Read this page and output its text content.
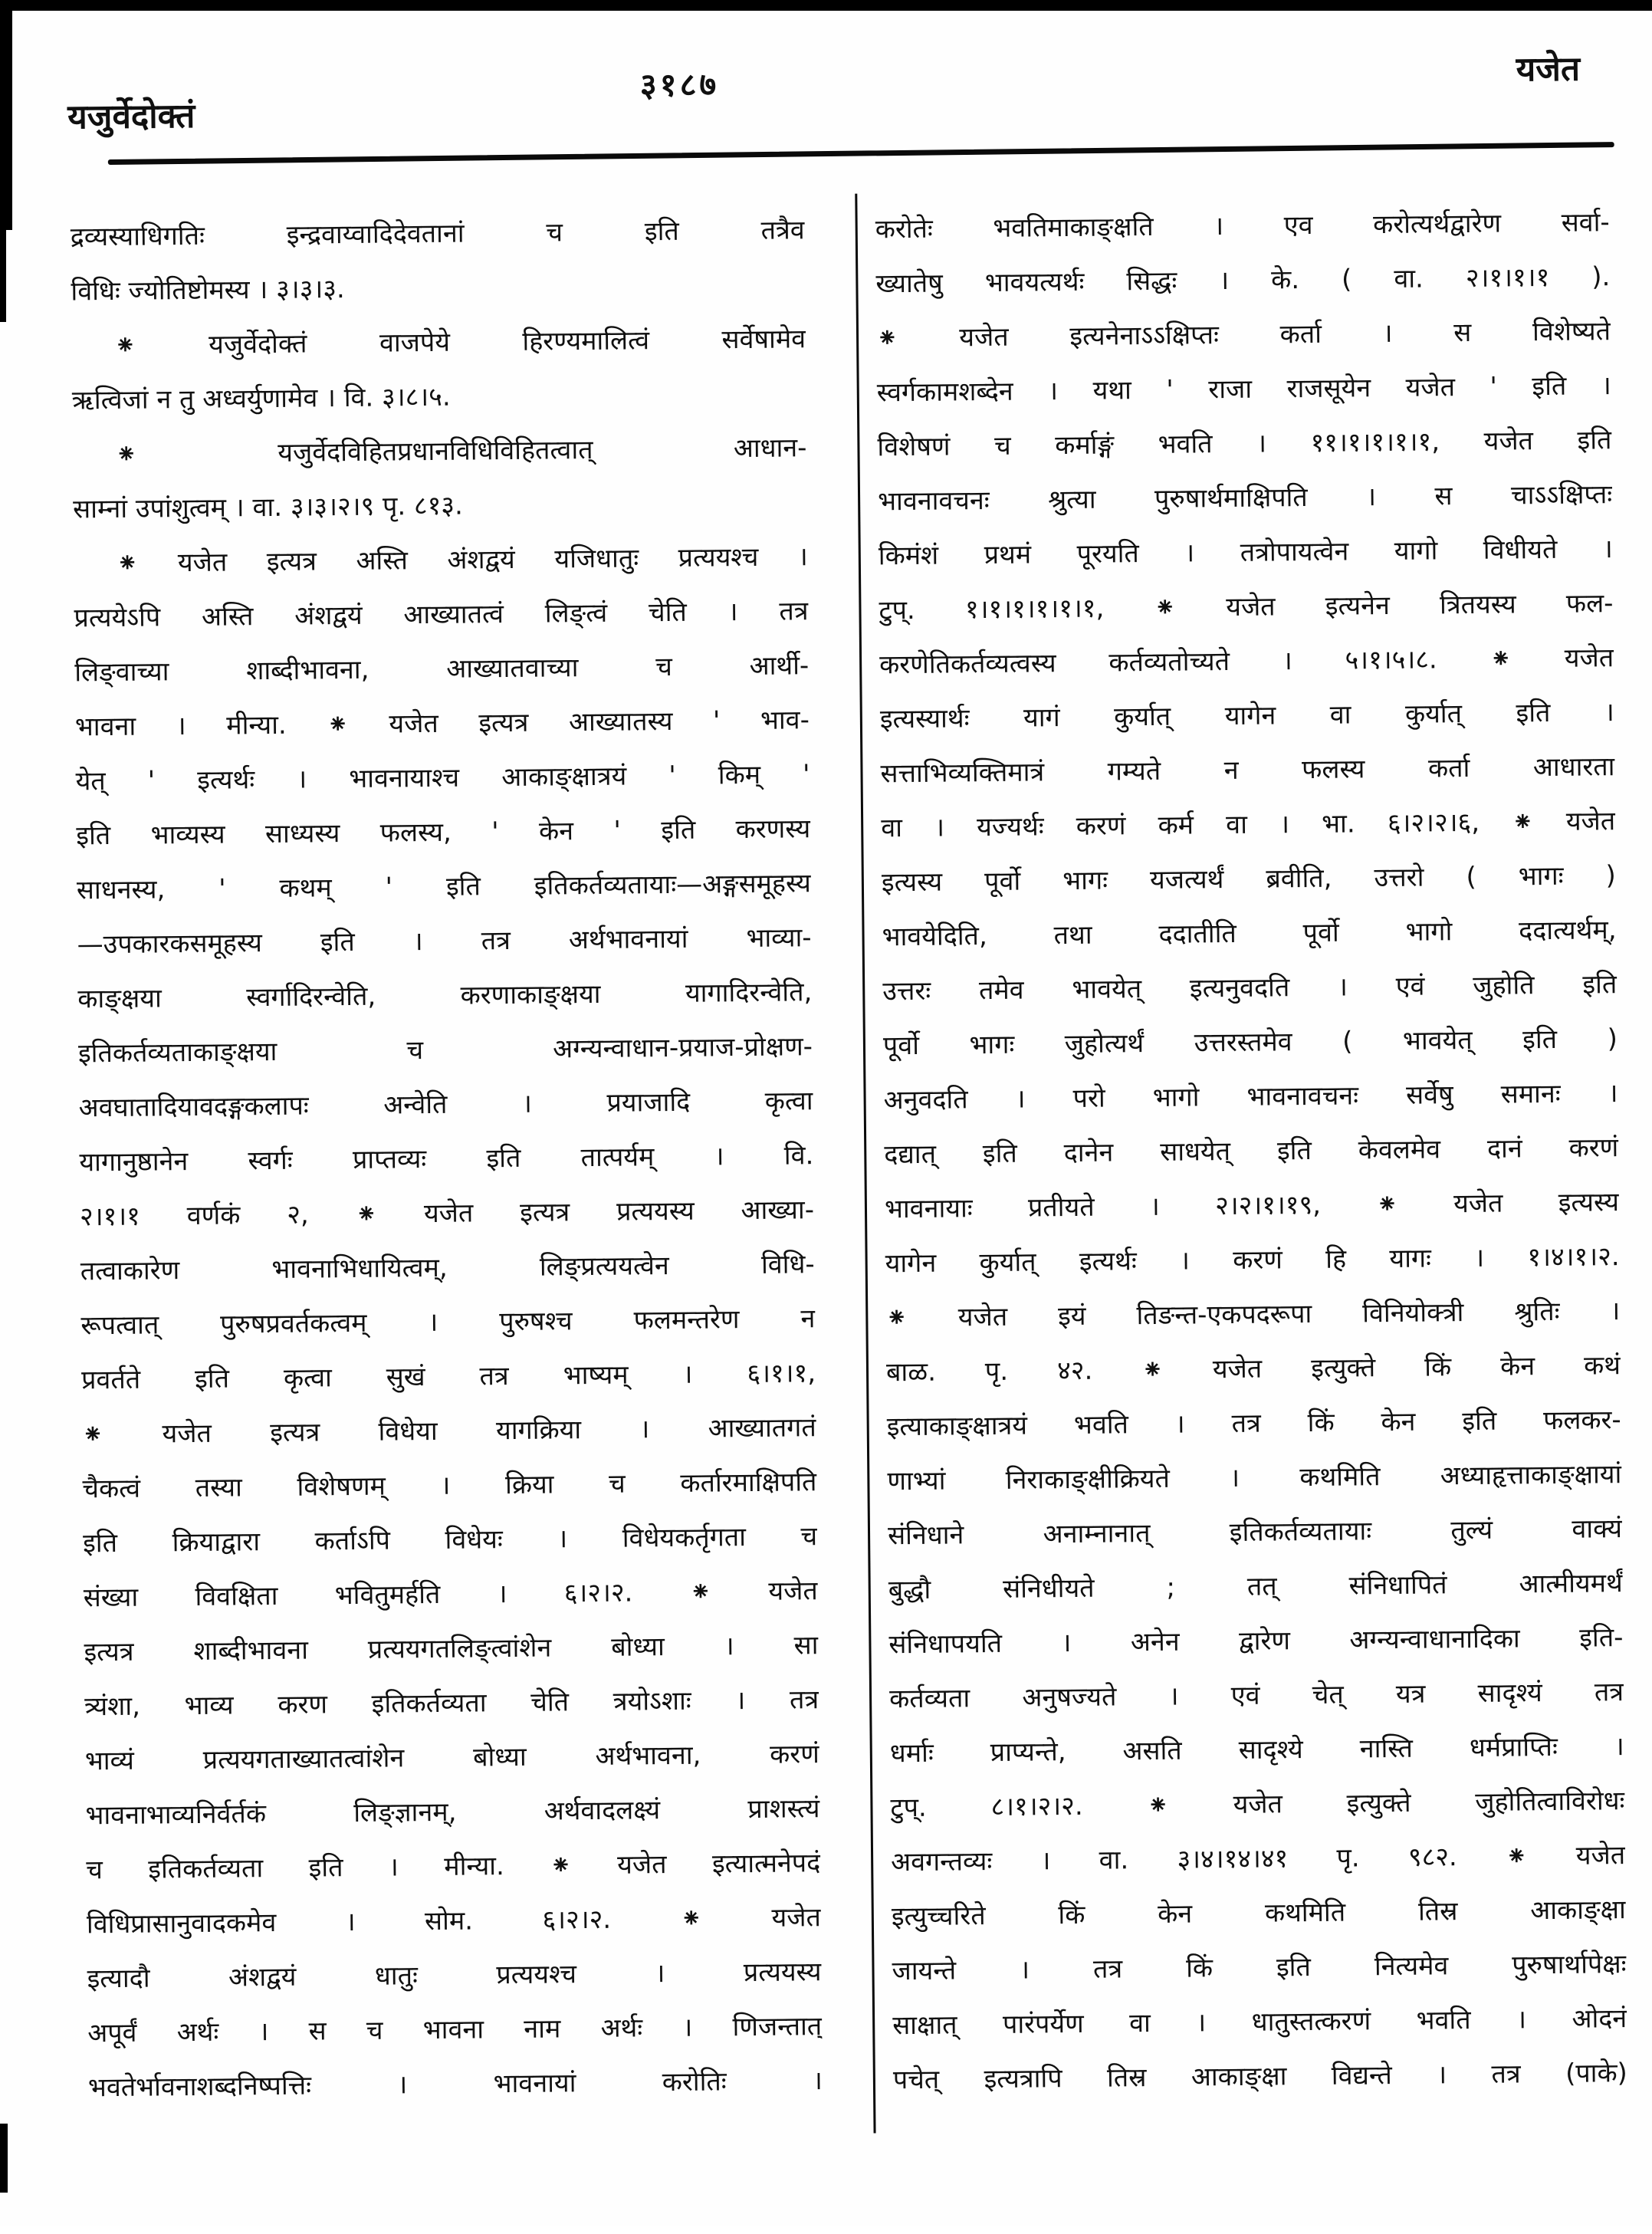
यजुर्वेदोक्तं
३१८७	यजेत
द्रव्यस्याधिगतिः इन्द्रवाय्वादिदेवतानां च इति तत्रैव
विधिः ज्योतिष्टोमस्य । ३।३।३.
⁕ यजुर्वेदोक्तं वाजपेये हिरण्यमालित्वं सर्वेषामेव
ऋत्विजां न तु अध्वर्युणामेव । वि. ३।८।५.
⁕ यजुर्वेदविहितप्रधानविधिविहितत्वात् आधान-
साम्नां उपांशुत्वम् । वा. ३।३।२।९ पृ. ८१३.
⁕ यजेत इत्यत्र अस्ति अंशद्वयं यजिधातुः प्रत्ययश्च ।
प्रत्ययेऽपि अस्ति अंशद्वयं आख्यातत्वं लिङ्त्वं चेति । तत्र
लिङ्वाच्या शाब्दीभावना, आख्यातवाच्या च आर्थी-
भावना । मीन्या. ⁕ यजेत इत्यत्र आख्यातस्य ' भाव-
येत् ' इत्यर्थः । भावनायाश्च आकाङ्क्षात्रयं ' किम् '
इति भाव्यस्य साध्यस्य फलस्य, ' केन ' इति करणस्य
साधनस्य, ' कथम् ' इति इतिकर्तव्यतायाः—अङ्गसमूहस्य
—उपकारकसमूहस्य इति । तत्र अर्थभावनायां भाव्या-
काङ्क्षया स्वर्गादिरन्वेति, करणाकाङ्क्षया यागादिरन्वेति,
इतिकर्तव्यताकाङ्क्षया च अग्न्यन्वाधान-प्रयाज-प्रोक्षण-
अवघातादियावदङ्गकलापः अन्वेति । प्रयाजादि कृत्वा
यागानुष्ठानेन स्वर्गः प्राप्तव्यः इति तात्पर्यम् । वि.
२।१।१ वर्णकं २, ⁕ यजेत इत्यत्र प्रत्ययस्य आख्या-
तत्वाकारेण भावनाभिधायित्वम्, लिङ्प्रत्ययत्वेन विधि-
रूपत्वात् पुरुषप्रवर्तकत्वम् । पुरुषश्च फलमन्तरेण न
प्रवर्तते इति कृत्वा सुखं तत्र भाष्यम् । ६।१।१,
⁕ यजेत इत्यत्र विधेया यागक्रिया । आख्यातगतं
चैकत्वं तस्या विशेषणम् । क्रिया च कर्तारमाक्षिपति
इति क्रियाद्वारा कर्ताऽपि विधेयः । विधेयकर्तृगता च
संख्या विवक्षिता भवितुमर्हति । ६।२।२. ⁕ यजेत
इत्यत्र शाब्दीभावना प्रत्ययगतलिङ्त्वांशेन बोध्या । सा
त्र्यंशा, भाव्य करण इतिकर्तव्यता चेति त्रयोऽशाः । तत्र
भाव्यं प्रत्ययगताख्यातत्वांशेन बोध्या अर्थभावना, करणं
भावनाभाव्यनिर्वर्तकं लिङ्ज्ञानम्, अर्थवादलक्ष्यं प्राशस्त्यं
च इतिकर्तव्यता इति । मीन्या. ⁕ यजेत इत्यात्मनेपदं
विधिप्रासानुवादकमेव । सोम. ६।२।२. ⁕ यजेत
इत्यादौ अंशद्वयं धातुः प्रत्ययश्च । प्रत्ययस्य
अपूर्वं अर्थः । स च भावना नाम अर्थः । णिजन्तात्
भवतेर्भावनाशब्दनिष्पत्तिः । भावनायां करोतिः ।
करोतेः भवतिमाकाङ्क्षति । एव करोत्यर्थद्वारेण सर्वा-
ख्यातेषु भावयत्यर्थः सिद्धः । के. ( वा. २।१।१।१ ).
⁕ यजेत इत्यनेनाऽऽक्षिप्तः कर्ता । स विशेष्यते
स्वर्गकामशब्देन । यथा ' राजा राजसूयेन यजेत ' इति ।
विशेषणं च कर्माङ्गं भवति । ११।१।१।१।१, यजेत इति
भावनावचनः श्रुत्या पुरुषार्थमाक्षिपति । स चाऽऽक्षिप्तः
किमंशं प्रथमं पूरयति । तत्रोपायत्वेन यागो विधीयते ।
टुप्. १।१।१।१।१।१, ⁕ यजेत इत्यनेन त्रितयस्य फल-
करणेतिकर्तव्यत्वस्य कर्तव्यतोच्यते । ५।१।५।८. ⁕ यजेत
इत्यस्यार्थः यागं कुर्यात् यागेन वा कुर्यात् इति ।
सत्ताभिव्यक्तिमात्रं गम्यते न फलस्य कर्ता आधारता
वा । यज्यर्थः करणं कर्म वा । भा. ६।२।२।६, ⁕ यजेत
इत्यस्य पूर्वो भागः यजत्यर्थं ब्रवीति, उत्तरो ( भागः )
भावयेदिति, तथा ददातीति पूर्वो भागो ददात्यर्थम्,
उत्तरः तमेव भावयेत् इत्यनुवदति । एवं जुहोति इति
पूर्वो भागः जुहोत्यर्थं उत्तरस्तमेव ( भावयेत् इति )
अनुवदति । परो भागो भावनावचनः सर्वेषु समानः ।
दद्यात् इति दानेन साधयेत् इति केवलमेव दानं करणं
भावनायाः प्रतीयते । २।२।१।१९, ⁕ यजेत इत्यस्य
यागेन कुर्यात् इत्यर्थः । करणं हि यागः । १।४।१।२.
⁕ यजेत इयं तिङन्त-एकपदरूपा विनियोक्त्री श्रुतिः ।
बाळ. पृ. ४२. ⁕ यजेत इत्युक्ते किं केन कथं
इत्याकाङ्क्षात्रयं भवति । तत्र किं केन इति फलकर-
णाभ्यां निराकाङ्क्षीक्रियते । कथमिति अध्याहृत्ताकाङ्क्षायां
संनिधाने अनाम्नानात् इतिकर्तव्यतायाः तुल्यं वाक्यं
बुद्धौ संनिधीयते ; तत् संनिधापितं आत्मीयमर्थं
संनिधापयति । अनेन द्वारेण अग्न्यन्वाधानादिका इति-
कर्तव्यता अनुषज्यते । एवं चेत् यत्र सादृश्यं तत्र
धर्माः प्राप्यन्ते, असति सादृश्ये नास्ति धर्मप्राप्तिः ।
टुप्. ८।१।२।२. ⁕ यजेत इत्युक्ते जुहोतित्वाविरोधः
अवगन्तव्यः । वा. ३।४।१४।४१ पृ. ९८२. ⁕ यजेत
इत्युच्चरिते किं केन कथमिति तिस्र आकाङ्क्षा
जायन्ते । तत्र किं इति नित्यमेव पुरुषार्थापेक्षः
साक्षात् पारंपर्येण वा । धातुस्तत्करणं भवति । ओदनं
पचेत् इत्यत्रापि तिस्र आकाङ्क्षा विद्यन्ते । तत्र (पाके)
